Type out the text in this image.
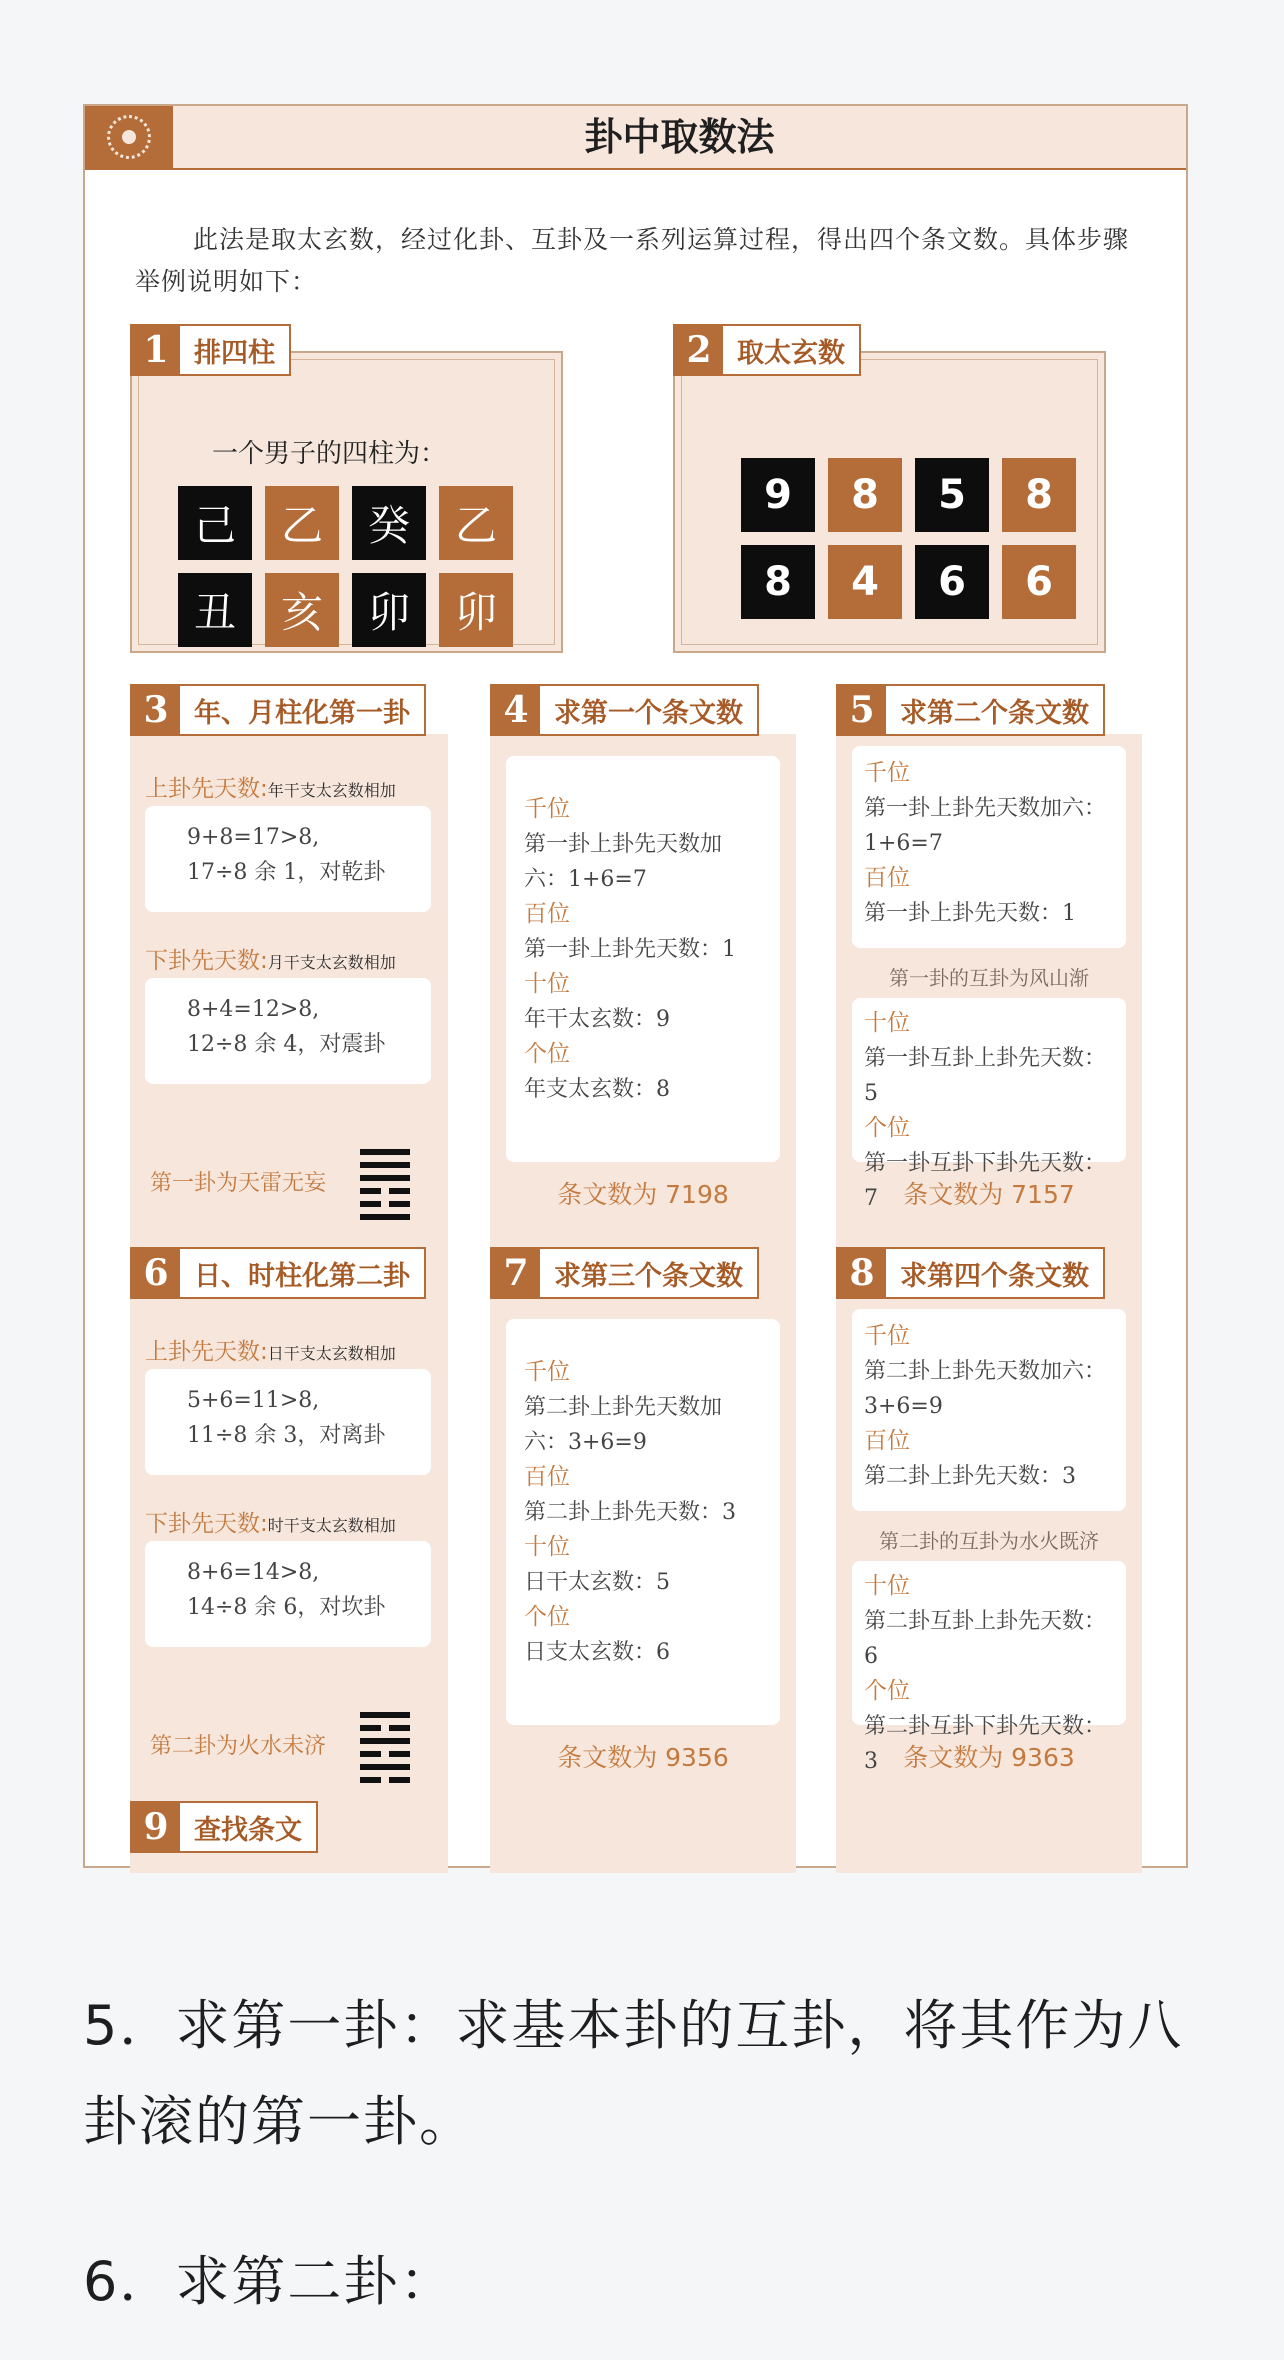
卦中取数法

此法是取太玄数，经过化卦、互卦及一系列运算过程，得出四个条文数。具体步骤举例说明如下：

一个男子的四柱为：
己	乙	癸	乙
丑	亥	卯	卯
1 排四柱
9	8	5	8
8	4	6	6
2 取太玄数
上卦先天数:年干支太玄数相加
9+8=17>8,
17÷8 余 1，对乾卦
下卦先天数:月干支太玄数相加
8+4=12>8,
12÷8 余 4，对震卦
第一卦为天雷无妄
3 年、月柱化第一卦
千位
第一卦上卦先天数加六：1+6=7
百位
第一卦上卦先天数：1
十位
年干太玄数：9
个位
年支太玄数：8
条文数为 7198
4 求第一个条文数
千位
第一卦上卦先天数加六：1+6=7
百位
第一卦上卦先天数：1
第一卦的互卦为风山渐
十位
第一卦互卦上卦先天数：5
个位
第一卦互卦下卦先天数：7	条文数为 7157
5 求第二个条文数
上卦先天数:日干支太玄数相加
5+6=11>8,
11÷8 余 3，对离卦
下卦先天数:时干支太玄数相加
8+6=14>8,
14÷8 余 6，对坎卦
第二卦为火水未济
6 日、时柱化第二卦
千位
第二卦上卦先天数加六：3+6=9
百位
第二卦上卦先天数：3
十位
日干太玄数：5
个位
日支太玄数：6
条文数为 9356
7 求第三个条文数
千位
第二卦上卦先天数加六：3+6=9
百位
第二卦上卦先天数：3
第二卦的互卦为水火既济
十位
第二卦互卦上卦先天数：6
个位
第二卦互卦下卦先天数：3	条文数为 9363
8 求第四个条文数
9 查找条文
5．求第一卦：求基本卦的互卦，将其作为八卦滚的第一卦。
6．求第二卦：
